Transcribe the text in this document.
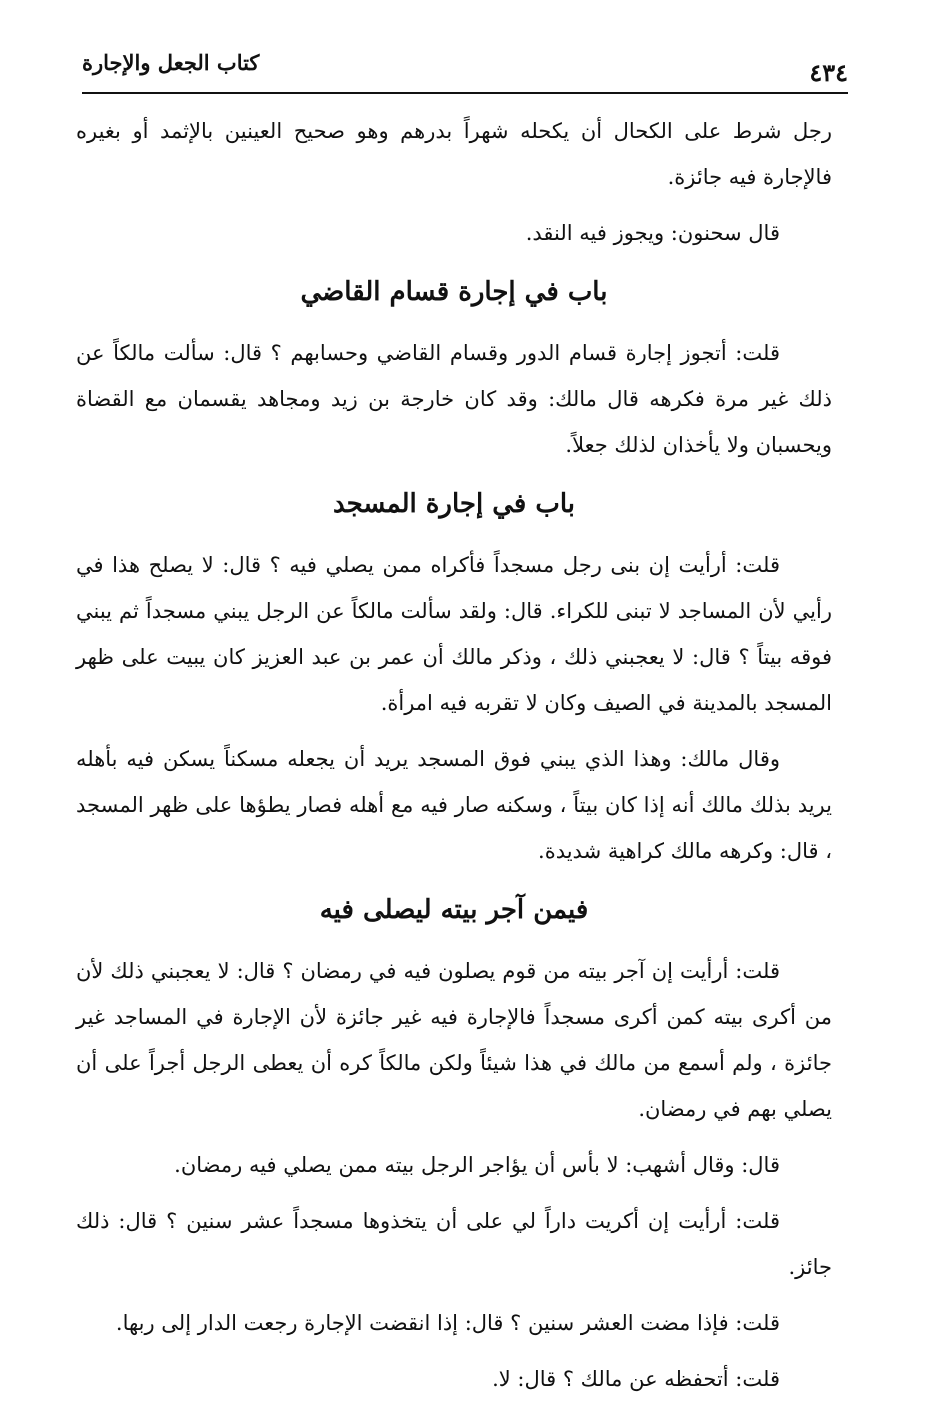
كتاب الجعل والإجارة	٤٣٤

رجل شرط على الكحال أن يكحله شهراً بدرهم وهو صحيح العينين بالإثمد أو بغيره فالإجارة فيه جائزة.

قال سحنون: ويجوز فيه النقد.

باب في إجارة قسام القاضي

قلت: أتجوز إجارة قسام الدور وقسام القاضي وحسابهم ؟ قال: سألت مالكاً عن ذلك غير مرة فكرهه قال مالك: وقد كان خارجة بن زيد ومجاهد يقسمان مع القضاة ويحسبان ولا يأخذان لذلك جعلاً.

باب في إجارة المسجد

قلت: أرأيت إن بنى رجل مسجداً فأكراه ممن يصلي فيه ؟ قال: لا يصلح هذا في رأيي لأن المساجد لا تبنى للكراء. قال: ولقد سألت مالكاً عن الرجل يبني مسجداً ثم يبني فوقه بيتاً ؟ قال: لا يعجبني ذلك ، وذكر مالك أن عمر بن عبد العزيز كان يبيت على ظهر المسجد بالمدينة في الصيف وكان لا تقربه فيه امرأة.

وقال مالك: وهذا الذي يبني فوق المسجد يريد أن يجعله مسكناً يسكن فيه بأهله يريد بذلك مالك أنه إذا كان بيتاً ، وسكنه صار فيه مع أهله فصار يطؤها على ظهر المسجد ، قال: وكرهه مالك كراهية شديدة.

فيمن آجر بيته ليصلى فيه

قلت: أرأيت إن آجر بيته من قوم يصلون فيه في رمضان ؟ قال: لا يعجبني ذلك لأن من أكرى بيته كمن أكرى مسجداً فالإجارة فيه غير جائزة لأن الإجارة في المساجد غير جائزة ، ولم أسمع من مالك في هذا شيئاً ولكن مالكاً كره أن يعطى الرجل أجراً على أن يصلي بهم في رمضان.

قال: وقال أشهب: لا بأس أن يؤاجر الرجل بيته ممن يصلي فيه رمضان.

قلت: أرأيت إن أكريت داراً لي على أن يتخذوها مسجداً عشر سنين ؟ قال: ذلك جائز.

قلت: فإذا مضت العشر سنين ؟ قال: إذا انقضت الإجارة رجعت الدار إلى ربها.

قلت: أتحفظه عن مالك ؟ قال: لا.
